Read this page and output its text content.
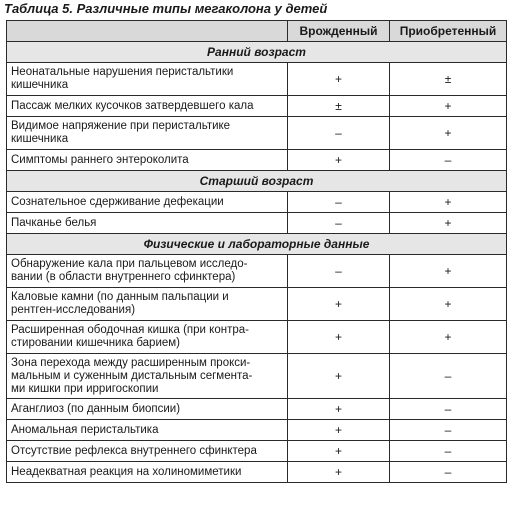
Таблица 5. Различные типы мегаколона у детей
	Врожденный	Приобретенный
Ранний возраст		
Неонатальные нарушения перистальтики
кишечника	+	±
Пассаж мелких кусочков затвердевшего кала	±	+
Видимое напряжение при перистальтике
кишечника	–	+
Симптомы раннего энтероколита	+	–
Старший возраст		
Сознательное сдерживание дефекации	–	+
Пачканье белья	–	+
Физические и лабораторные данные		
Обнаружение кала при пальцевом исследо-
вании (в области внутреннего сфинктера)	–	+
Каловые камни (по данным пальпации и
рентген-исследования)	+	+
Расширенная ободочная кишка (при контра-
стировании кишечника барием)	+	+
Зона перехода между расширенным прокси-
мальным и суженным дистальным сегмента-
ми кишки при ирригоскопии	+	–
Аганглиоз (по данным биопсии)	+	–
Аномальная перистальтика	+	–
Отсутствие рефлекса внутреннего сфинктера	+	–
Неадекватная реакция на холиномиметики	+	–
